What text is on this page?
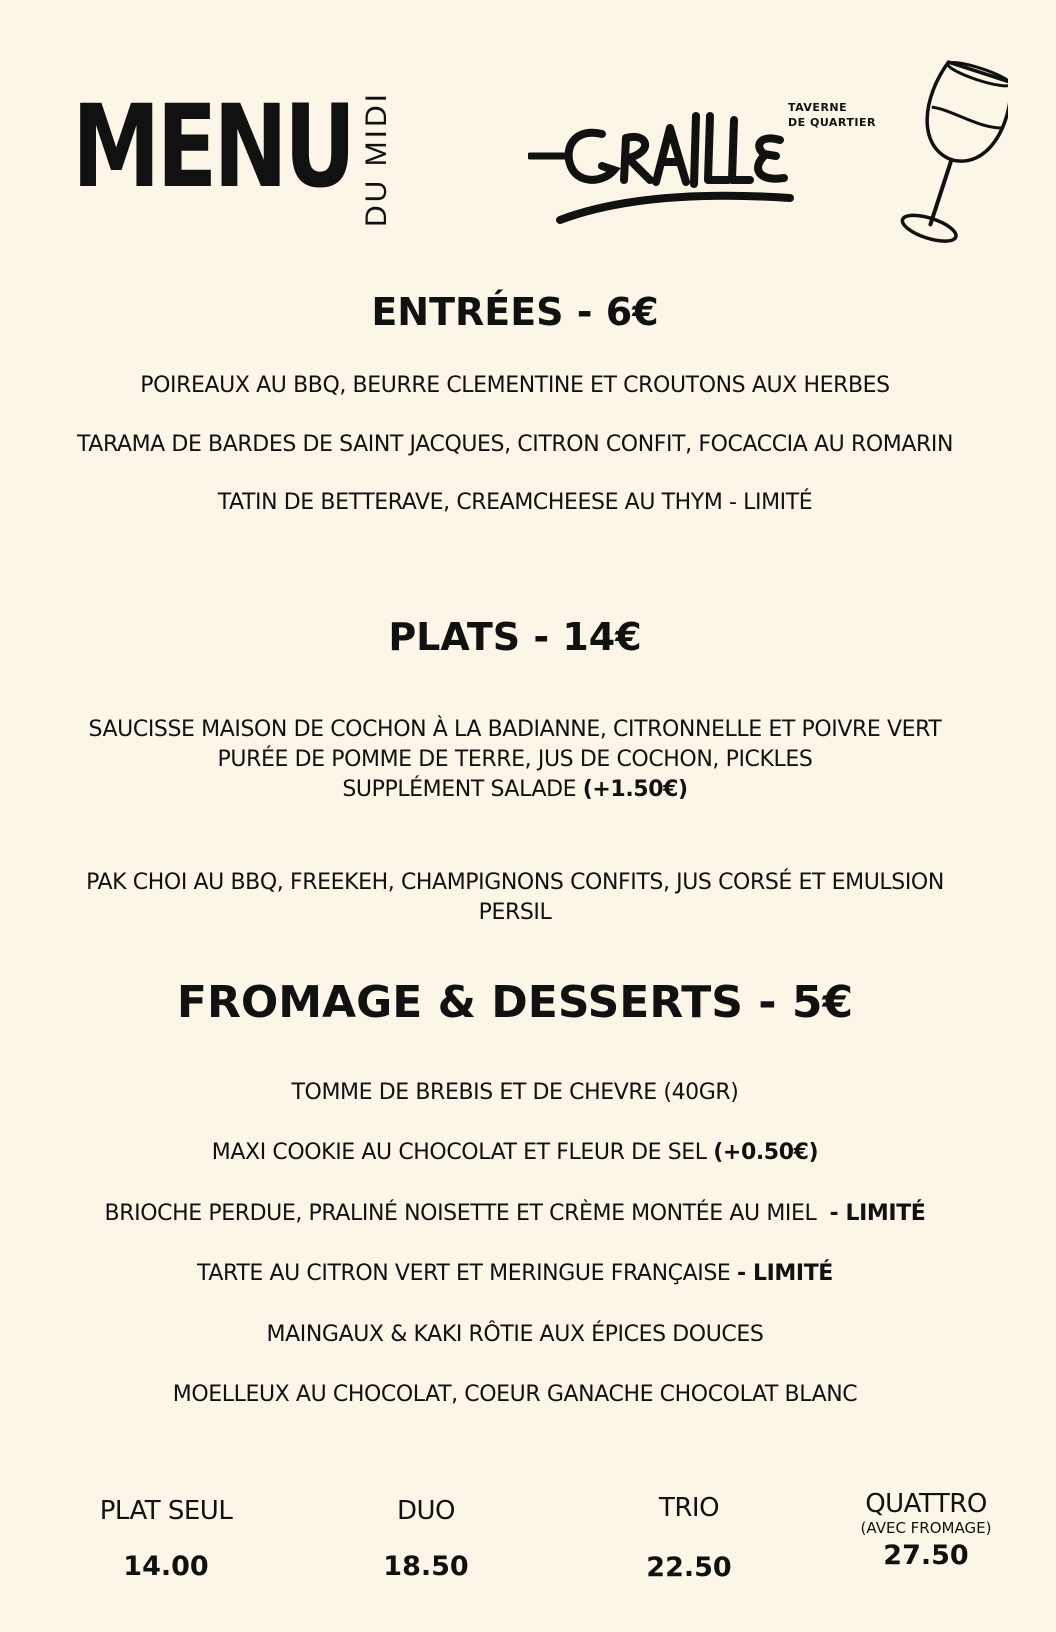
MENU DU MIDI
Graille
TAVERNE
DE QUARTIER
ENTRÉES - 6€
POIREAUX AU BBQ, BEURRE CLEMENTINE ET CROUTONS AUX HERBES
TARAMA DE BARDES DE SAINT JACQUES, CITRON CONFIT, FOCACCIA AU ROMARIN
TATIN DE BETTERAVE, CREAMCHEESE AU THYM - LIMITÉ
PLATS - 14€
SAUCISSE MAISON DE COCHON À LA BADIANNE, CITRONNELLE ET POIVRE VERT
PURÉE DE POMME DE TERRE, JUS DE COCHON, PICKLES
SUPPLÉMENT SALADE (+1.50€)
PAK CHOI AU BBQ, FREEKEH, CHAMPIGNONS CONFITS, JUS CORSÉ ET EMULSION
PERSIL
FROMAGE & DESSERTS - 5€
TOMME DE BREBIS ET DE CHEVRE (40GR)
MAXI COOKIE AU CHOCOLAT ET FLEUR DE SEL (+0.50€)
BRIOCHE PERDUE, PRALINÉ NOISETTE ET CRÈME MONTÉE AU MIEL - LIMITÉ
TARTE AU CITRON VERT ET MERINGUE FRANÇAISE - LIMITÉ
MAINGAUX & KAKI RÔTIE AUX ÉPICES DOUCES
MOELLEUX AU CHOCOLAT, COEUR GANACHE CHOCOLAT BLANC
PLAT SEUL
14.00
DUO
18.50
TRIO
22.50
QUATTRO
(AVEC FROMAGE)
27.50
